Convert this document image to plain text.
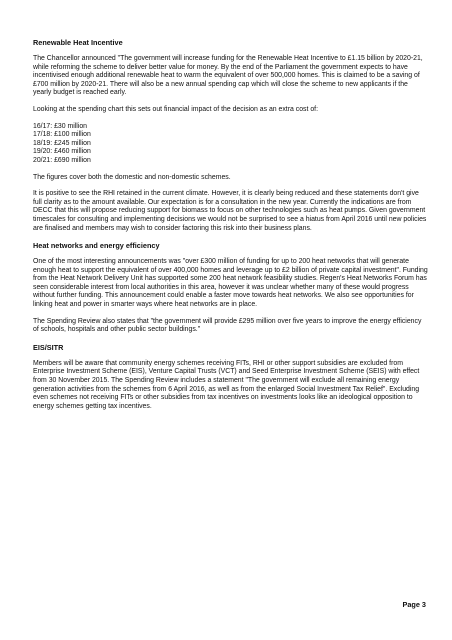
Renewable Heat Incentive

The Chancellor announced "The government will increase funding for the Renewable Heat Incentive to £1.15 billion by 2020-21, while reforming the scheme to deliver better value for money. By the end of the Parliament the government expects to have incentivised enough additional renewable heat to warm the equivalent of over 500,000 homes. This is claimed to be a saving of £700 million by 2020-21. There will also be a new annual spending cap which will close the scheme to new applicants if the yearly budget is reached early.

Looking at the spending chart this sets out financial impact of the decision as an extra cost of:

16/17: £30 million
17/18: £100 million
18/19: £245 million
19/20: £460 million
20/21: £690 million

The figures cover both the domestic and non-domestic schemes.

It is positive to see the RHI retained in the current climate. However, it is clearly being reduced and these statements don't give full clarity as to the amount available. Our expectation is for a consultation in the new year. Currently the indications are from DECC that this will propose reducing support for biomass to focus on other technologies such as heat pumps. Given government timescales for consulting and implementing decisions we would not be surprised to see a hiatus from April 2016 until new policies are finalised and members may wish to consider factoring this risk into their business plans.

Heat networks and energy efficiency

One of the most interesting announcements was "over £300 million of funding for up to 200 heat networks that will generate enough heat to support the equivalent of over 400,000 homes and leverage up to £2 billion of private capital investment". Funding from the Heat Network Delivery Unit has supported some 200 heat network feasibility studies. Regen's Heat Networks Forum has seen considerable interest from local authorities in this area, however it was unclear whether many of these would progress without further funding. This announcement could enable a faster move towards heat networks. We also see opportunities for linking heat and power in smarter ways where heat networks are in place.

The Spending Review also states that "the government will provide £295 million over five years to improve the energy efficiency of schools, hospitals and other public sector buildings."

EIS/SITR

Members will be aware that community energy schemes receiving FITs, RHI or other support subsidies are excluded from Enterprise Investment Scheme (EIS), Venture Capital Trusts (VCT) and Seed Enterprise Investment Scheme (SEIS) with effect from 30 November 2015. The Spending Review includes a statement "The government will exclude all remaining energy generation activities from the schemes from 6 April 2016, as well as from the enlarged Social Investment Tax Relief". Excluding even schemes not receiving FITs or other subsidies from tax incentives on investments looks like an ideological opposition to energy schemes getting tax incentives.

Page 3
